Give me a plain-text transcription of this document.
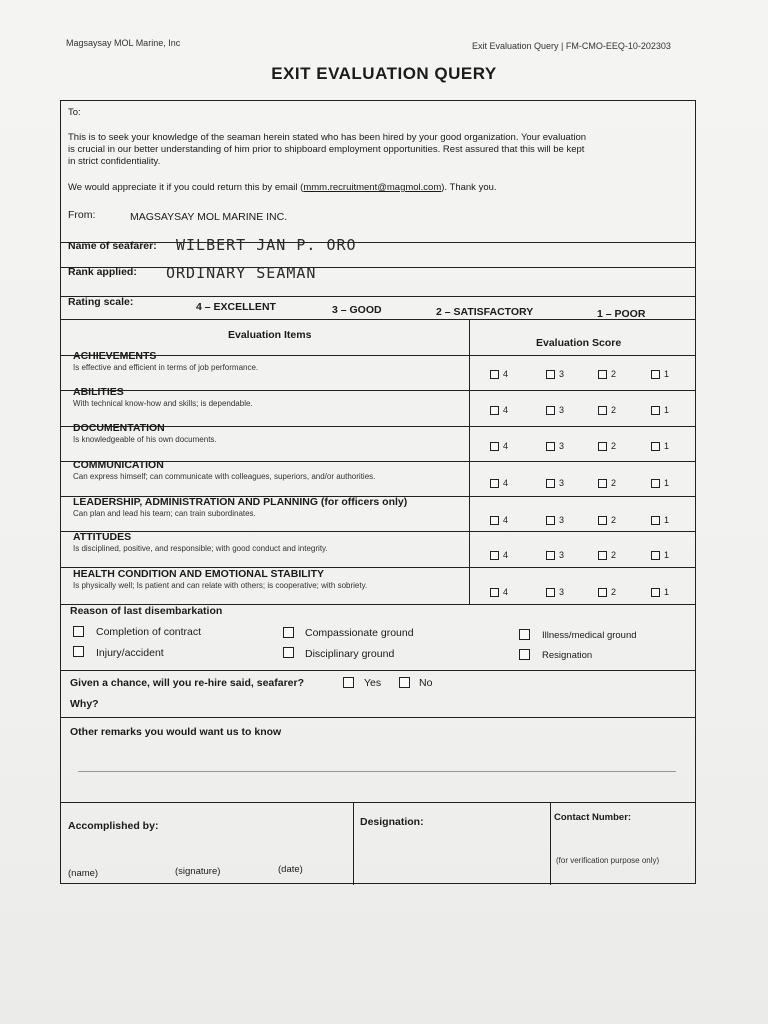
Magsaysay MOL Marine, Inc	Exit Evaluation Query | FM-CMO-EEQ-10-202303
EXIT EVALUATION QUERY
To:
This is to seek your knowledge of the seaman herein stated who has been hired by your good organization. Your evaluation
is crucial in our better understanding of him prior to shipboard employment opportunities. Rest assured that this will be kept
in strict confidentiality.
We would appreciate it if you could return this by email (mmm.recruitment@magmol.com). Thank you.
From:	MAGSAYSAY MOL MARINE INC.
Name of seafarer: WILBERT JAN P. ORO
Rank applied: ORDINARY SEAMAN
Rating scale:	4 – EXCELLENT	3 – GOOD	2 – SATISFACTORY	1 – POOR
Evaluation Items
Evaluation Score
ACHIEVEMENTS
Is effective and efficient in terms of job performance.
4	3	2	1
ABILITIES
With technical know-how and skills; is dependable.
4	3	2	1
DOCUMENTATION
Is knowledgeable of his own documents.
4	3	2	1
COMMUNICATION
Can express himself; can communicate with colleagues, superiors, and/or authorities.
4	3	2	1
LEADERSHIP, ADMINISTRATION AND PLANNING (for officers only)
Can plan and lead his team; can train subordinates.
4	3	2	1
ATTITUDES
Is disciplined, positive, and responsible; with good conduct and integrity.
4	3	2	1
HEALTH CONDITION AND EMOTIONAL STABILITY
Is physically well; Is patient and can relate with others; is cooperative; with sobriety.
4	3	2	1
Reason of last disembarkation
Completion of contract	Compassionate ground	Illness/medical ground
Injury/accident	Disciplinary ground	Resignation
Given a chance, will you re-hire said, seafarer?	Yes	No
Why?
Other remarks you would want us to know
Accomplished by:
(name)	(signature)	(date)
Designation:	Contact Number:
(for verification purpose only)
